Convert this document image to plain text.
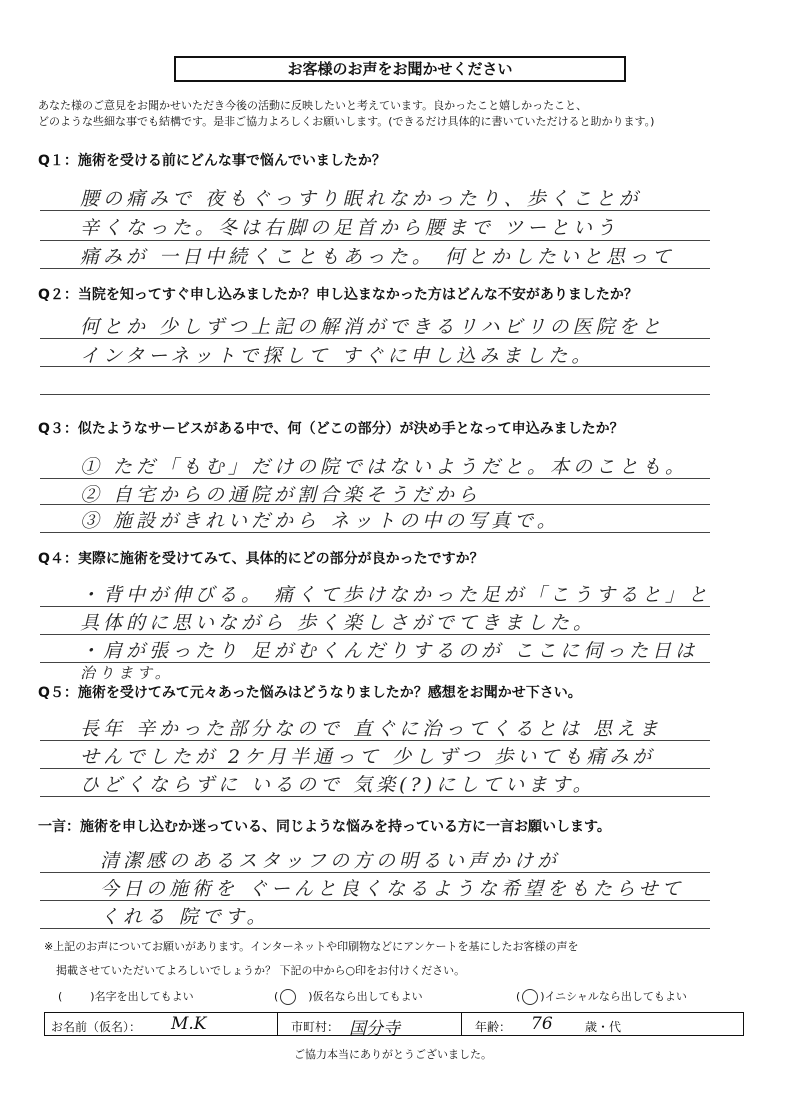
お客様のお声をお聞かせください
あなた様のご意見をお聞かせいただき今後の活動に反映したいと考えています。良かったこと嬉しかったこと、
どのような些細な事でも結構です。是非ご協力よろしくお願いします。(できるだけ具体的に書いていただけると助かります。)
Q１：施術を受ける前にどんな事で悩んでいましたか？
腰の痛みで 夜もぐっすり眠れなかったり、歩くことが
辛くなった。冬は右脚の足首から腰まで ツーという
痛みが 一日中続くこともあった。 何とかしたいと思って
Q２：当院を知ってすぐ申し込みましたか？申し込まなかった方はどんな不安がありましたか？
何とか 少しずつ上記の解消ができるリハビリの医院をと
インターネットで探して すぐに申し込みました。
Q３：似たようなサービスがある中で、何（どこの部分）が決め手となって申込みましたか？
① ただ「もむ」だけの院ではないようだと。本のことも。
② 自宅からの通院が割合楽そうだから
③ 施設がきれいだから ネットの中の写真で。
Q４：実際に施術を受けてみて、具体的にどの部分が良かったですか？
・背中が伸びる。 痛くて歩けなかった足が「こうすると」と
具体的に思いながら 歩く楽しさがでてきました。
・肩が張ったり 足がむくんだりするのが ここに伺った日は
治ります。
Q５：施術を受けてみて元々あった悩みはどうなりましたか？感想をお聞かせ下さい。
長年 辛かった部分なので 直ぐに治ってくるとは 思えま
せんでしたが 2ケ月半通って 少しずつ 歩いても痛みが
ひどくならずに いるので 気楽(?)にしています。
一言：施術を申し込むか迷っている、同じような悩みを持っている方に一言お願いします。
清潔感のあるスタッフの方の明るい声かけが
今日の施術を ぐーんと良くなるような希望をもたらせて
くれる 院です。
※上記のお声についてお願いがあります。インターネットや印刷物などにアンケートを基にしたお客様の声を
掲載させていただいてよろしいでしょうか？ 下記の中から○印をお付けください。
(	)名字を出してもよい	( ○ )仮名なら出してもよい	( ○ )イニシャルなら出してもよい
お名前（仮名）： M.K	市町村： 国分寺	年齢： 76	歳・代
ご協力本当にありがとうございました。
